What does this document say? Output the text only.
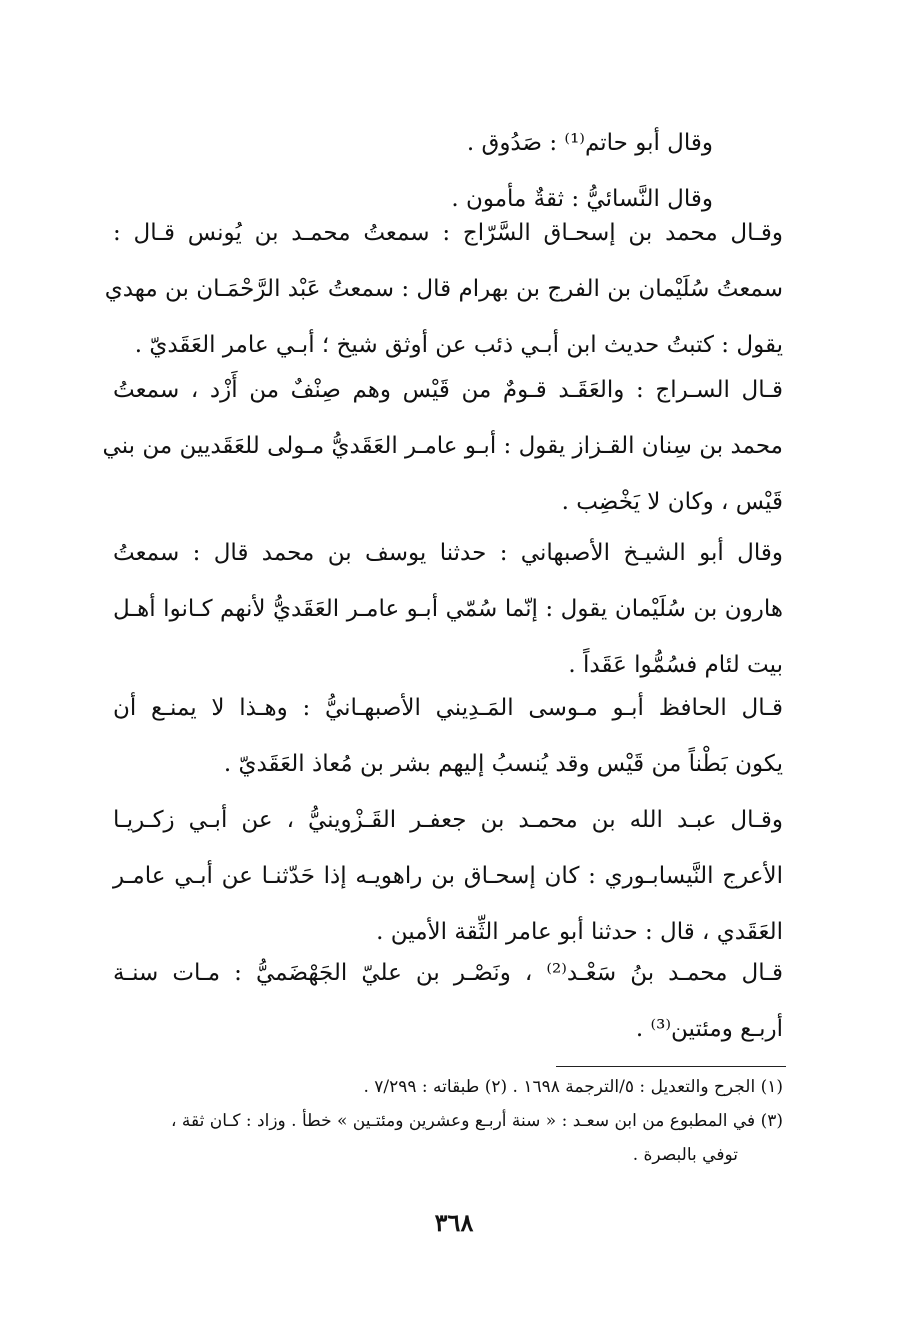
وقال أبو حاتم⁽¹⁾ : صَدُوق .
وقال النَّسائيُّ : ثقةٌ مأمون .
وقـال محمد بن إسحـاق السَّرّاج : سمعتُ محمـد بن يُونس قـال :
سمعتُ سُلَيْمان بن الفرج بن بهرام قال : سمعتُ عَبْد الرَّحْمَـان بن مهدي
يقول : كتبتُ حديث ابن أبـي ذئب عن أوثق شيخ ؛ أبـي عامر العَقَديّ .
قـال السـراج : والعَقَـد قـومٌ من قَيْس وهم صِنْفٌ من أَزْد ، سمعتُ
محمد بن سِنان القـزاز يقول : أبـو عامـر العَقَديُّ مـولى للعَقَديين من بني
قَيْس ، وكان لا يَخْضِب .
وقال أبو الشيـخ الأصبهاني : حدثنا يوسف بن محمد قال : سمعتُ
هارون بن سُلَيْمان يقول : إنّما سُمّي أبـو عامـر العَقَديُّ لأنهم كـانوا أهـل
بيت لئام فسُمُّوا عَقَداً .
قـال الحافظ أبـو مـوسى المَـدِيني الأصبهـانيُّ : وهـذا لا يمنـع أن
يكون بَطْناً من قَيْس وقد يُنسبُ إليهم بشر بن مُعاذ العَقَديّ .
وقـال عبـد الله بن محمـد بن جعفـر القَـزْوينيُّ ، عن أبـي زكـريـا
الأعرج النَّيسابـوري : كان إسحـاق بن راهويـه إذا حَدّثنـا عن أبـي عامـر
العَقَدي ، قال : حدثنا أبو عامر الثِّقة الأمين .
قـال محمـد بنُ سَعْـد⁽²⁾ ، ونَصْـر بن عليّ الجَهْضَميُّ : مـات سنـة
أربـع ومئتين⁽³⁾ .
(١) الجرح والتعديل : ٥/الترجمة ١٦٩٨ . (٢) طبقاته : ٧/٢٩٩ .
(٣) في المطبوع من ابن سعـد : « سنة أربـع وعشرين ومئتـين » خطأ . وزاد : كـان ثقة ،
توفي بالبصرة .
٣٦٨
